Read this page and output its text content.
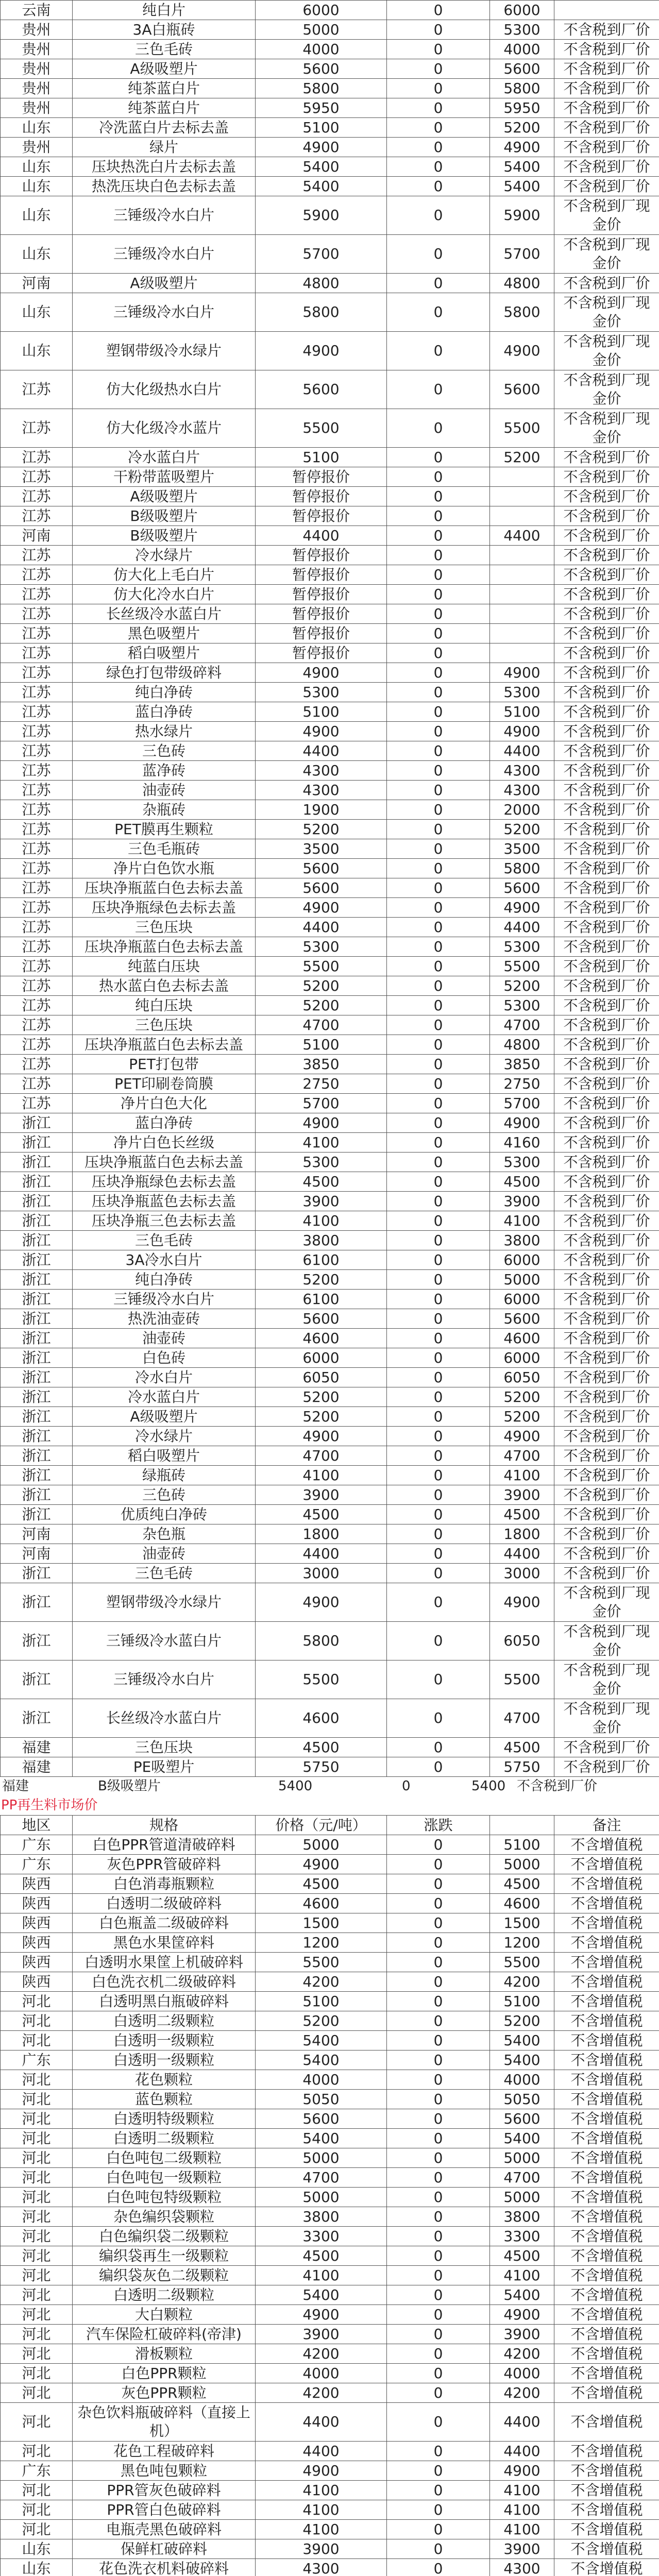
云南	纯白片	6000	0	6000	
贵州	3A白瓶砖	5000	0	5300	不含税到厂价
贵州	三色毛砖	4000	0	4000	不含税到厂价
贵州	A级吸塑片	5600	0	5600	不含税到厂价
贵州	纯茶蓝白片	5800	0	5800	不含税到厂价
贵州	纯茶蓝白片	5950	0	5950	不含税到厂价
山东	冷洗蓝白片去标去盖	5100	0	5200	不含税到厂价
贵州	绿片	4900	0	4900	不含税到厂价
山东	压块热洗白片去标去盖	5400	0	5400	不含税到厂价
山东	热洗压块白色去标去盖	5400	0	5400	不含税到厂价
山东	三锤级冷水白片	5900	0	5900	不含税到厂现金价
山东	三锤级冷水白片	5700	0	5700	不含税到厂现金价
河南	A级吸塑片	4800	0	4800	不含税到厂价
山东	三锤级冷水白片	5800	0	5800	不含税到厂现金价
山东	塑钢带级冷水绿片	4900	0	4900	不含税到厂现金价
江苏	仿大化级热水白片	5600	0	5600	不含税到厂现金价
江苏	仿大化级冷水蓝片	5500	0	5500	不含税到厂现金价
江苏	冷水蓝白片	5100	0	5200	不含税到厂价
江苏	干粉带蓝吸塑片	暂停报价	0		不含税到厂价
江苏	A级吸塑片	暂停报价	0		不含税到厂价
江苏	B级吸塑片	暂停报价	0		不含税到厂价
河南	B级吸塑片	4400	0	4400	不含税到厂价
江苏	冷水绿片	暂停报价	0		不含税到厂价
江苏	仿大化上毛白片	暂停报价	0		不含税到厂价
江苏	仿大化冷水白片	暂停报价	0		不含税到厂价
江苏	长丝级冷水蓝白片	暂停报价	0		不含税到厂价
江苏	黑色吸塑片	暂停报价	0		不含税到厂价
江苏	稻白吸塑片	暂停报价	0		不含税到厂价
江苏	绿色打包带级碎料	4900	0	4900	不含税到厂价
江苏	纯白净砖	5300	0	5300	不含税到厂价
江苏	蓝白净砖	5100	0	5100	不含税到厂价
江苏	热水绿片	4900	0	4900	不含税到厂价
江苏	三色砖	4400	0	4400	不含税到厂价
江苏	蓝净砖	4300	0	4300	不含税到厂价
江苏	油壶砖	4300	0	4300	不含税到厂价
江苏	杂瓶砖	1900	0	2000	不含税到厂价
江苏	PET膜再生颗粒	5200	0	5200	不含税到厂价
江苏	三色毛瓶砖	3500	0	3500	不含税到厂价
江苏	净片白色饮水瓶	5600	0	5800	不含税到厂价
江苏	压块净瓶蓝白色去标去盖	5600	0	5600	不含税到厂价
江苏	压块净瓶绿色去标去盖	4900	0	4900	不含税到厂价
江苏	三色压块	4400	0	4400	不含税到厂价
江苏	压块净瓶蓝白色去标去盖	5300	0	5300	不含税到厂价
江苏	纯蓝白压块	5500	0	5500	不含税到厂价
江苏	热水蓝白色去标去盖	5200	0	5200	不含税到厂价
江苏	纯白压块	5200	0	5300	不含税到厂价
江苏	三色压块	4700	0	4700	不含税到厂价
江苏	压块净瓶蓝白色去标去盖	5100	0	4800	不含税到厂价
江苏	PET打包带	3850	0	3850	不含税到厂价
江苏	PET印刷卷筒膜	2750	0	2750	不含税到厂价
江苏	净片白色大化	5700	0	5700	不含税到厂价
浙江	蓝白净砖	4900	0	4900	不含税到厂价
浙江	净片白色长丝级	4100	0	4160	不含税到厂价
浙江	压块净瓶蓝白色去标去盖	5300	0	5300	不含税到厂价
浙江	压块净瓶绿色去标去盖	4500	0	4500	不含税到厂价
浙江	压块净瓶蓝色去标去盖	3900	0	3900	不含税到厂价
浙江	压块净瓶三色去标去盖	4100	0	4100	不含税到厂价
浙江	三色毛砖	3800	0	3800	不含税到厂价
浙江	3A冷水白片	6100	0	6000	不含税到厂价
浙江	纯白净砖	5200	0	5000	不含税到厂价
浙江	三锤级冷水白片	6100	0	6000	不含税到厂价
浙江	热洗油壶砖	5600	0	5600	不含税到厂价
浙江	油壶砖	4600	0	4600	不含税到厂价
浙江	白色砖	6000	0	6000	不含税到厂价
浙江	冷水白片	6050	0	6050	不含税到厂价
浙江	冷水蓝白片	5200	0	5200	不含税到厂价
浙江	A级吸塑片	5200	0	5200	不含税到厂价
浙江	冷水绿片	4900	0	4900	不含税到厂价
浙江	稻白吸塑片	4700	0	4700	不含税到厂价
浙江	绿瓶砖	4100	0	4100	不含税到厂价
浙江	三色砖	3900	0	3900	不含税到厂价
浙江	优质纯白净砖	4500	0	4500	不含税到厂价
河南	杂色瓶	1800	0	1800	不含税到厂价
河南	油壶砖	4400	0	4400	不含税到厂价
浙江	三色毛砖	3000	0	3000	不含税到厂价
浙江	塑钢带级冷水绿片	4900	0	4900	不含税到厂现金价
浙江	三锤级冷水蓝白片	5800	0	6050	不含税到厂现金价
浙江	三锤级冷水白片	5500	0	5500	不含税到厂现金价
浙江	长丝级冷水蓝白片	4600	0	4700	不含税到厂现金价
福建	三色压块	4500	0	4500	不含税到厂价
福建	PE吸塑片	5750	0	5750	不含税到厂价
福建	B级吸塑片	5400	0	5400 不含税到厂价
PP再生料市场价
地区	规格	价格（元/吨）	涨跌		备注
广东	白色PPR管道清破碎料	5000	0	5100	不含增值税
广东	灰色PPR管破碎料	4900	0	5000	不含增值税
陕西	白色消毒瓶颗粒	4500	0	4500	不含增值税
陕西	白透明二级破碎料	4600	0	4600	不含增值税
陕西	白色瓶盖二级破碎料	1500	0	1500	不含增值税
陕西	黑色水果筐碎料	1200	0	1200	不含增值税
陕西	白透明水果筐上机破碎料	5500	0	5500	不含增值税
陕西	白色洗衣机二级破碎料	4200	0	4200	不含增值税
河北	白透明黑白瓶破碎料	5100	0	5100	不含增值税
河北	白透明二级颗粒	5200	0	5200	不含增值税
河北	白透明一级颗粒	5400	0	5400	不含增值税
广东	白透明一级颗粒	5400	0	5400	不含增值税
河北	花色颗粒	4000	0	4000	不含增值税
河北	蓝色颗粒	5050	0	5050	不含增值税
河北	白透明特级颗粒	5600	0	5600	不含增值税
河北	白透明二级颗粒	5400	0	5400	不含增值税
河北	白色吨包二级颗粒	5000	0	5000	不含增值税
河北	白色吨包一级颗粒	4700	0	4700	不含增值税
河北	白色吨包特级颗粒	5000	0	5000	不含增值税
河北	杂色编织袋颗粒	3800	0	3800	不含增值税
河北	白色编织袋二级颗粒	3300	0	3300	不含增值税
河北	编织袋再生一级颗粒	4500	0	4500	不含增值税
河北	编织袋灰色二级颗粒	4100	0	4100	不含增值税
河北	白透明二级颗粒	5400	0	5400	不含增值税
河北	大白颗粒	4900	0	4900	不含增值税
河北	汽车保险杠破碎料(帝津)	3900	0	3900	不含增值税
河北	滑板颗粒	4200	0	4200	不含增值税
河北	白色PPR颗粒	4000	0	4000	不含增值税
河北	灰色PPR颗粒	4200	0	4200	不含增值税
河北	杂色饮料瓶破碎料（直接上机）	4400	0	4400	不含增值税
河北	花色工程破碎料	4400	0	4400	不含增值税
广东	黑色吨包颗粒	4900	0	4900	不含增值税
河北	PPR管灰色破碎料	4100	0	4100	不含增值税
河北	PPR管白色破碎料	4100	0	4100	不含增值税
河北	电瓶壳黑色破碎料	4100	0	4100	不含增值税
山东	保鲜杠破碎料	3900	0	3900	不含增值税
山东	花色洗衣机料破碎料	4300	0	4300	不含增值税
